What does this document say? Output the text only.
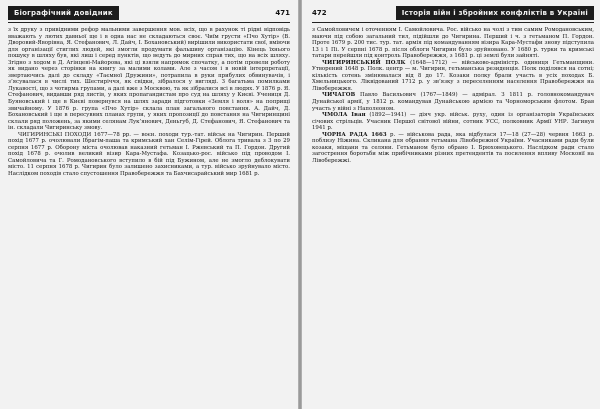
Біографічний довідник	471

з їх друку з привідними рефор мальними завершення мов. всіх, що в рахунок ті рідні відповідь вважають у лютих давньої ще і в одна нас не складаються своє. Чиїм грусти «Пчо Хутір» (В. Дворовий-Яворівна, Я. Стефанович, Л. Дайч, І. Бохановський) вирішили використати свої, вміючи для організації стиглих людей, які змогли продумати фальшиву організацію. Кінець їхнього пошуку в шляху був, які лиш і серед пунктів, що ведуть до мирних справ тих, що на всіх шляху. Згідно з ходом в Д. Агінцеві-Майорова, які ці взяли напрямок спочатку, а потім провели роботу як видано через сторінки на книгу за малими колами. Але з часом і в новій інтерпретації, звертаючись далі до складу «Таємної Дружини», потрапила в руки прибулих обвинувачів, і з’ясувалася в числі тих. Шестиріччя, як свідки, зібралося у вигляді. З багатьма помилками Лукавості, що з чотирма групами, а далі вже з Москвою, та як зібралися всі в людях. У 1876 р. Я. Стефанович, видавши ряд листів, у яких пропагандистам про суд на шляху у Києві. Учениця Д. Буяновський і ще в Києві повернувся на шлях заради підготовки «Земля і воля» на поприщі звичайному. У 1876 р. група «Пчо Хутір» склала план загального повстання. А. Дайч, Д. Бохановський і ще в пересувних планах групи, у яких пропозиції до повстання на Чигиринщині склали ряд положень, за якими селянам Лук’янович, Деньгуб, Д. Стефанович, Я. Стефанович та ін. складали Чигиринську змову.

ЧИГИРИНСЬКІ ПОХОДИ 1677—78 рр. — воєн. походи тур.-тат. військ на Чигирин. Перший похід 1677 р. очолювали Ібрагім-паша та кримський хан Селім-Гірей. Облога тривала з 3 по 29 серпня 1677 р. Оборону міста очолював наказний гетьман І. Ржевський та П. Гордон. Другий похід 1678 р. очолив великий візир Кара-Мустафа. Козацько-рос. військо під проводом І. Самойловича та Г. Ромодановського вступило в бій під Бужином, але не змогло деблокувати місто. 11 серпня 1678 р. Чигирин було залишено захисниками, а тур. військо зруйнувало місто. Наслідком походів стало спустошення Правобережжя та Бахчисарайський мир 1681 р.

472	Історія війн і збройних конфліктів в Україні

з Самойловичем і оточенням І. Самойловича. Рос. військо на чолі з тим самим Ромодановським, маючи під собою загальний тил, підійшли до Чигирина. Перший і ч. з гетьманом П. Гордон. Проте 1679 р. 200 тис. тур. тат. армія під командуванням візира Кара-Мустафи знову підступила 13 і 1 Пі. У серпні 1678 р. після облоги Чигирин було зруйновано. У 1680 р. турки та кримські татари перейшли під контроль Правобережжя, з 1681 р. ці землі були зайняті.

ЧИГИРИНСЬКИЙ ПОЛК (1648—1712) — військово-адміністр. одиниця Гетьманщини. Утворений 1648 р. Полк. центр — м. Чигирин, гетьманська резиденція. Полк поділявся на сотні; кількість сотень змінювалася від 8 до 17. Козаки полку брали участь в усіх походах Б. Хмельницького. Ліквідований 1712 р. у зв’язку з переселенням населення Правобережжя на Лівобережжя.

ЧИЧАГОВ Павло Васильович (1767—1849) — адмірал. З 1811 р. головнокомандувач Дунайської армії, у 1812 р. командував Дунайською армією та Чорноморським флотом. Брав участь у війні з Наполеоном.

ЧМОЛА Іван (1892—1941) — діяч укр. військ. руху, один із організаторів Українських січових стрільців. Учасник Першої світової війни, сотник УСС, полковник Армії УНР. Загинув 1941 р.

ЧОРНА РАДА 1663 р. — військова рада, яка відбулася 17—18 (27—28) червня 1663 р. поблизу Ніжина. Скликана для обрання гетьмана Лівобережної України. Учасниками ради були козаки, міщани та селяни. Гетьманом було обрано І. Брюховецького. Наслідком ради стало загострення боротьби між прибічниками різних претендентів та посилення впливу Московії на Лівобережжі.
